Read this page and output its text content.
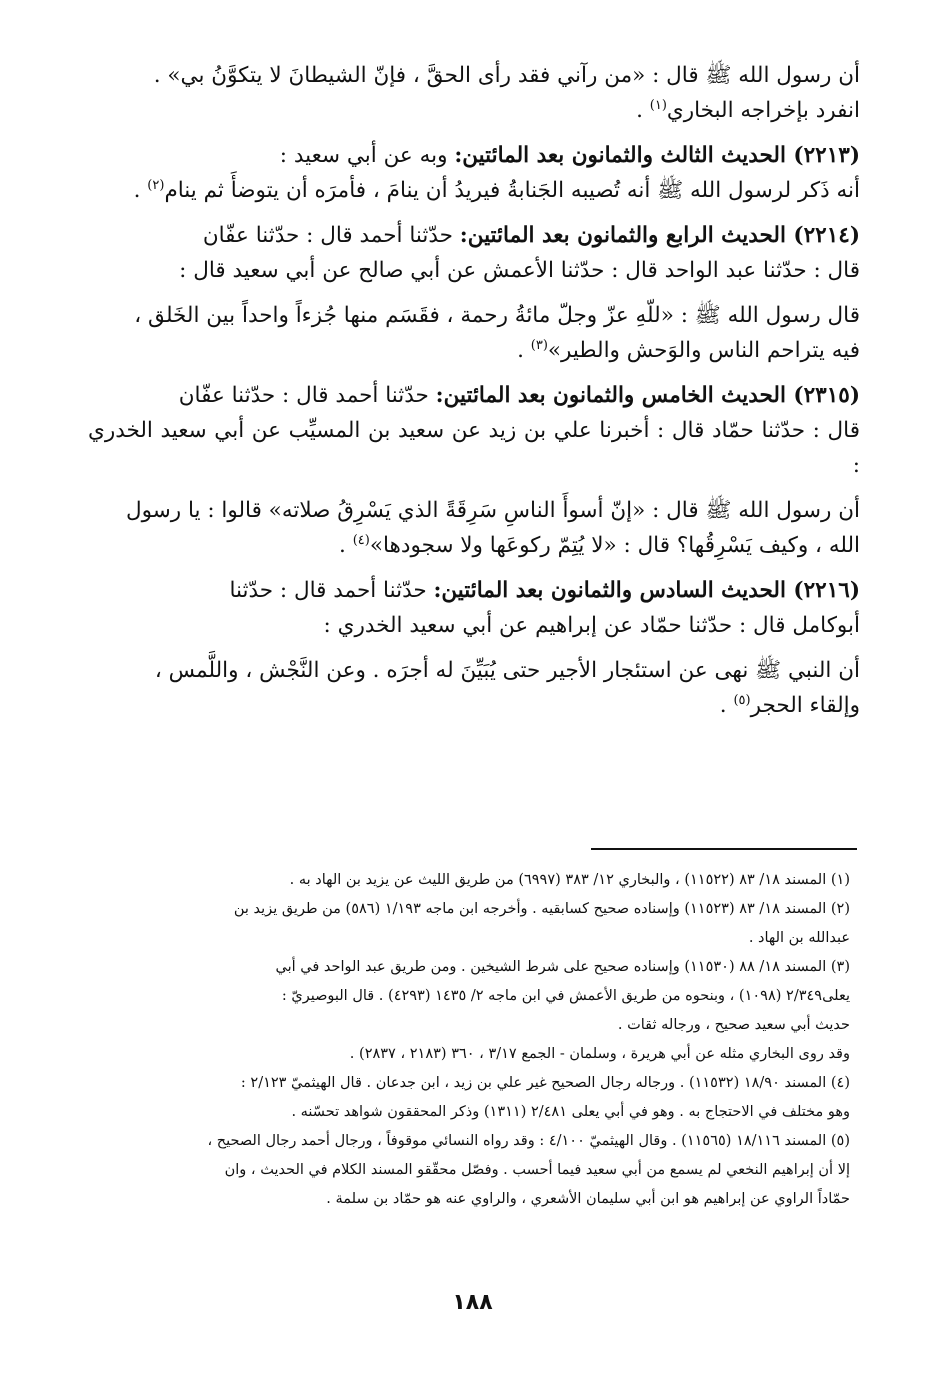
أن رسول الله ﷺ قال : «من رآني فقد رأى الحقَّ ، فإنّ الشيطانَ لا يتكوَّنُ بي» .

انفرد بإخراجه البخاري$^{(١)}$ .

(٢٢١٣) الحديث الثالث والثمانون بعد المائتين: وبه عن أبي سعيد :

أنه ذَكر لرسول الله ﷺ أنه تُصيبه الجَنابةُ فيريدُ أن ينامَ ، فأمرَه أن يتوضأَ ثم ينام$^{(٢)}$ .

(٢٢١٤) الحديث الرابع والثمانون بعد المائتين: حدّثنا أحمد قال : حدّثنا عفّان

قال : حدّثنا عبد الواحد قال : حدّثنا الأعمش عن أبي صالح عن أبي سعيد قال :

قال رسول الله ﷺ : «للّهِ عزّ وجلّ مائةُ رحمة ، فقَسَم منها جُزءاً واحداً بين الخَلق ،

فيه يتراحم الناس والوَحش والطير»$^{(٣)}$ .

(٢٣١٥) الحديث الخامس والثمانون بعد المائتين: حدّثنا أحمد قال : حدّثنا عفّان

قال : حدّثنا حمّاد قال : أخبرنا علي بن زيد عن سعيد بن المسيِّب عن أبي سعيد الخدري :

أن رسول الله ﷺ قال : «إنّ أسوأَ الناسِ سَرِقَةً الذي يَسْرِقُ صلاته» قالوا : يا رسول

الله ، وكيف يَسْرِقُها؟ قال : «لا يُتِمّ ركوعَها ولا سجودها»$^{(٤)}$ .

(٢٢١٦) الحديث السادس والثمانون بعد المائتين: حدّثنا أحمد قال : حدّثنا

أبوكامل قال : حدّثنا حمّاد عن إبراهيم عن أبي سعيد الخدري :

أن النبي ﷺ نهى عن استئجار الأجير حتى يُبَيِّنَ له أجرَه . وعن النَّجْش ، واللَّمس ،

وإلقاء الحجر$^{(٥)}$ .

(١) المسند ١٨/ ٨٣ (١١٥٢٢) ، والبخاري ١٢/ ٣٨٣ (٦٩٩٧) من طريق الليث عن يزيد بن الهاد به .

(٢) المسند ١٨/ ٨٣ (١١٥٢٣) وإسناده صحيح كسابقيه . وأخرجه ابن ماجه ١/١٩٣ (٥٨٦) من طريق يزيد بن

عبدالله بن الهاد .

(٣) المسند ١٨/ ٨٨ (١١٥٣٠) وإسناده صحيح على شرط الشيخين . ومن طريق عبد الواحد في أبي

يعلى٢/٣٤٩ (١٠٩٨) ، وبنحوه من طريق الأعمش في ابن ماجه ٢/ ١٤٣٥ (٤٢٩٣) . قال البوصيريّ :

حديث أبي سعيد صحيح ، ورجاله ثقات .

وقد روى البخاري مثله عن أبي هريرة ، وسلمان - الجمع ٣/١٧ ، ٣٦٠ (٢١٨٣ ، ٢٨٣٧) .

(٤) المسند ١٨/٩٠ (١١٥٣٢) . ورجاله رجال الصحيح غير علي بن زيد ، ابن جدعان . قال الهيثميّ ٢/١٢٣ :

وهو مختلف في الاحتجاج به . وهو في أبي يعلى ٢/٤٨١ (١٣١١) وذكر المحققون شواهد تحسّنه .

(٥) المسند ١٨/١١٦ (١١٥٦٥) . وقال الهيثميّ ٤/١٠٠ : وقد رواه النسائي موقوفاً ، ورجال أحمد رجال الصحيح ،

إلا أن إبراهيم النخعي لم يسمع من أبي سعيد فيما أحسب . وفصّل محقّقو المسند الكلام في الحديث ، وان

حمّاداً الراوي عن إبراهيم هو ابن أبي سليمان الأشعري ، والراوي عنه هو حمّاد بن سلمة .

١٨٨
